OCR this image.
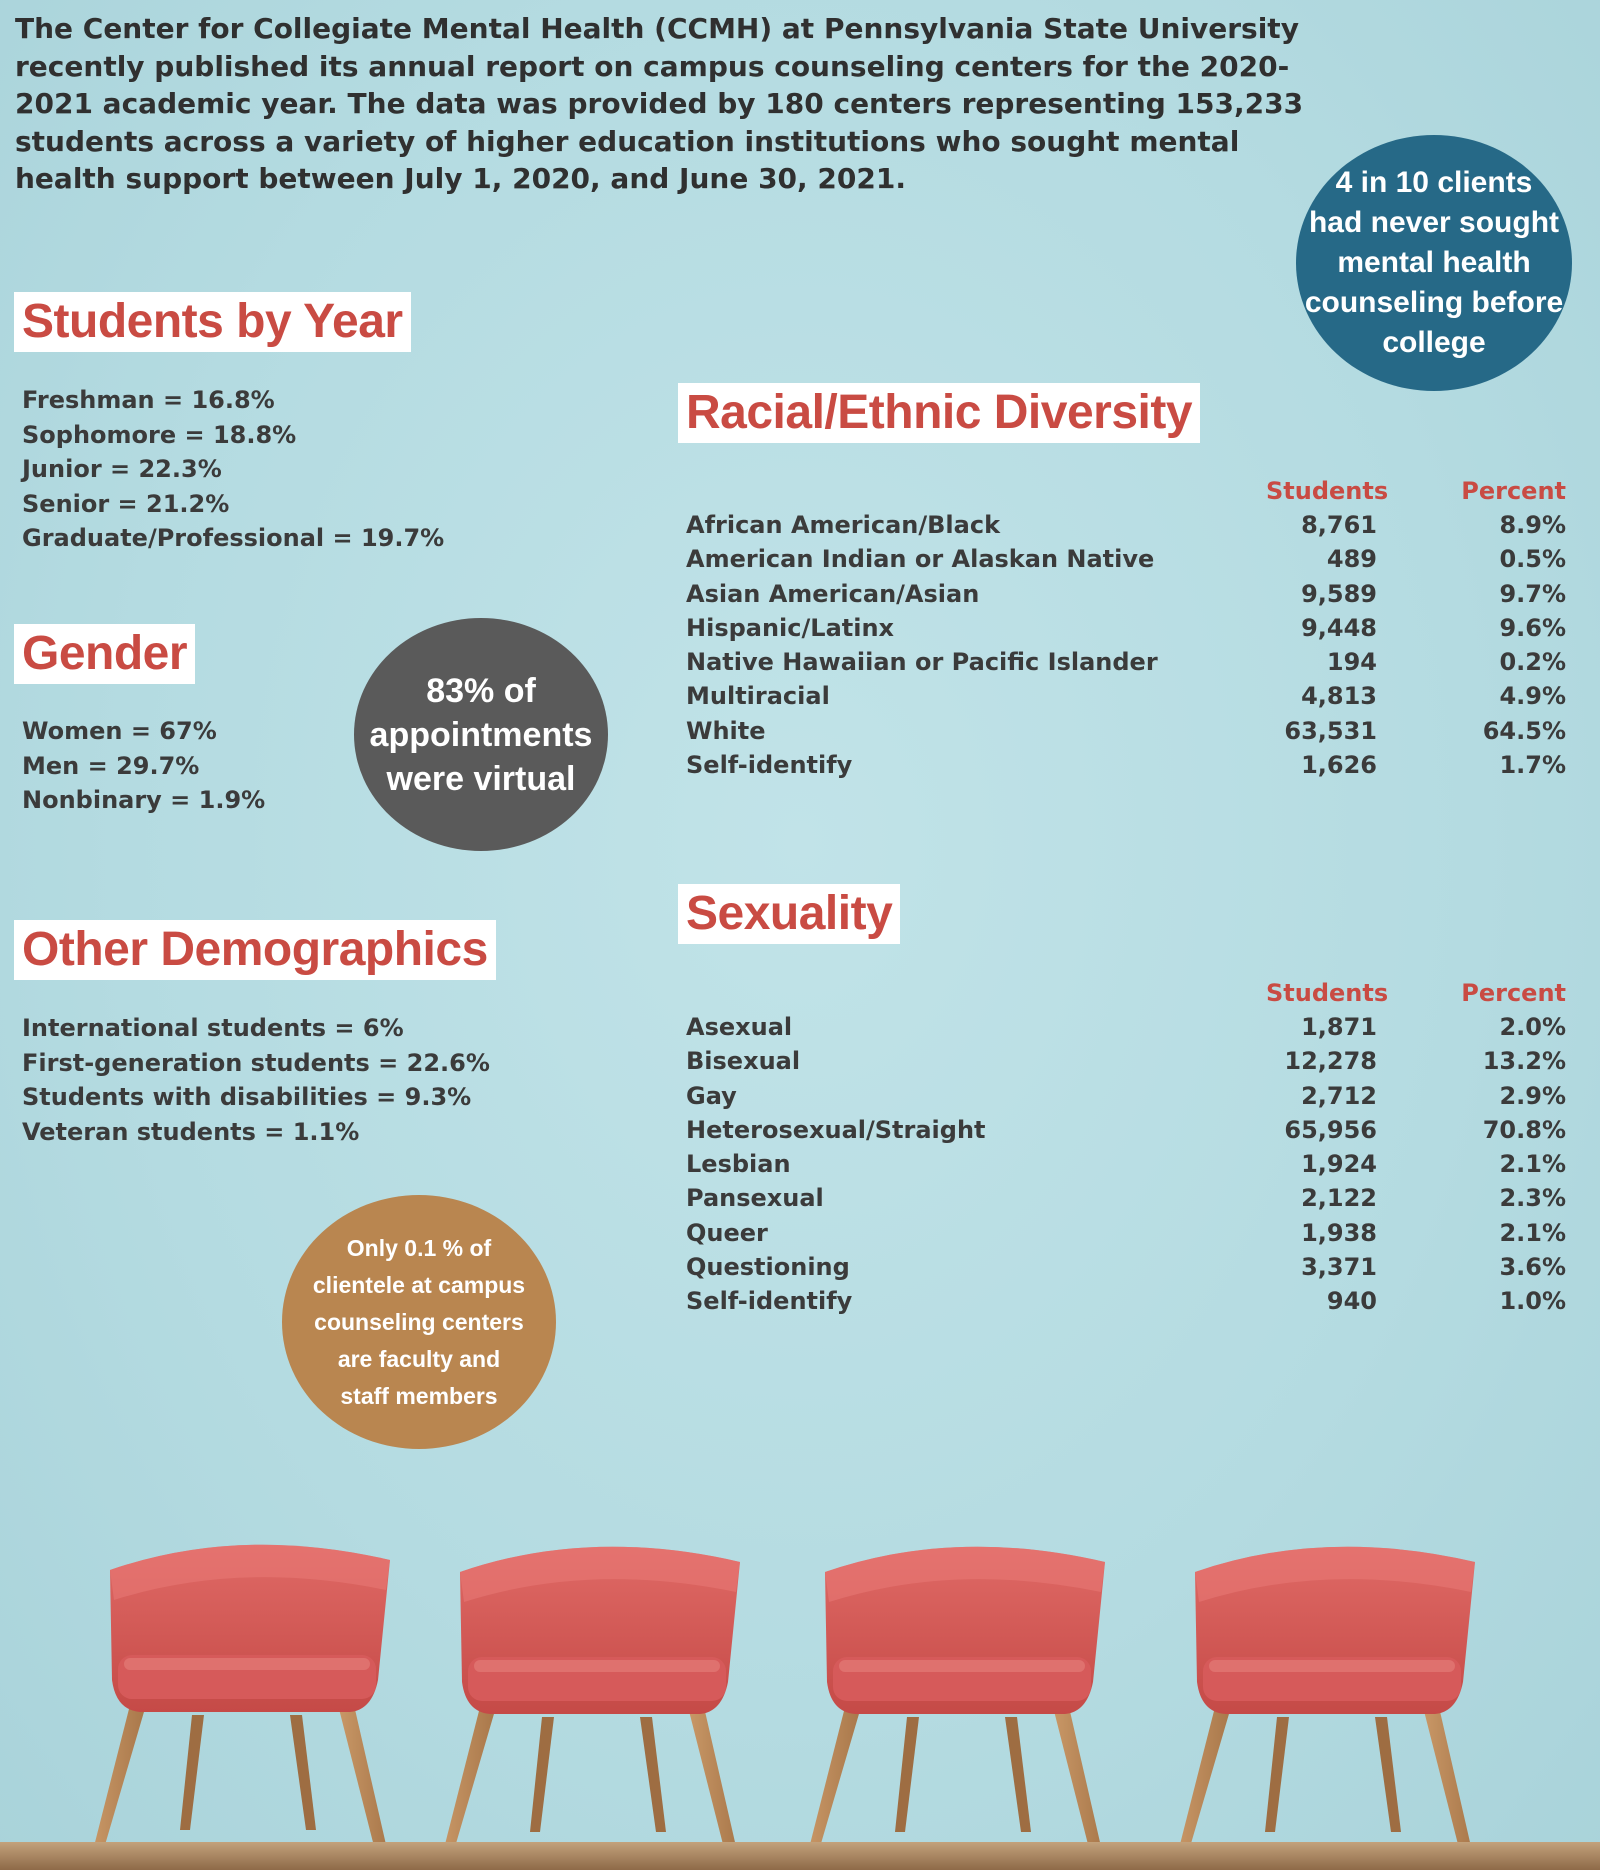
The Center for Collegiate Mental Health (CCMH) at Pennsylvania State University recently published its annual report on campus counseling centers for the 2020-2021 academic year. The data was provided by 180 centers representing 153,233 students across a variety of higher education institutions who sought mental health support between July 1, 2020, and June 30, 2021.

Students by Year
Freshman = 16.8%
Sophomore = 18.8%
Junior = 22.3%
Senior = 21.2%
Graduate/Professional = 19.7%
Gender
Women = 67%
Men = 29.7%
Nonbinary = 1.9%
Other Demographics
International students = 6%
First-generation students = 22.6%
Students with disabilities = 9.3%
Veteran students = 1.1%
Racial/Ethnic Diversity
Students	Percent
African American/Black	8,761	8.9%
American Indian or Alaskan Native	489	0.5%
Asian American/Asian	9,589	9.7%
Hispanic/Latinx	9,448	9.6%
Native Hawaiian or Pacific Islander	194	0.2%
Multiracial	4,813	4.9%
White	63,531	64.5%
Self-identify	1,626	1.7%
Sexuality
Students	Percent
Asexual	1,871	2.0%
Bisexual	12,278	13.2%
Gay	2,712	2.9%
Heterosexual/Straight	65,956	70.8%
Lesbian	1,924	2.1%
Pansexual	2,122	2.3%
Queer	1,938	2.1%
Questioning	3,371	3.6%
Self-identify	940	1.0%
4 in 10 clients
had never sought
mental health
counseling before
college
83% of
appointments
were virtual
Only 0.1 % of
clientele at campus
counseling centers
are faculty and
staff members
